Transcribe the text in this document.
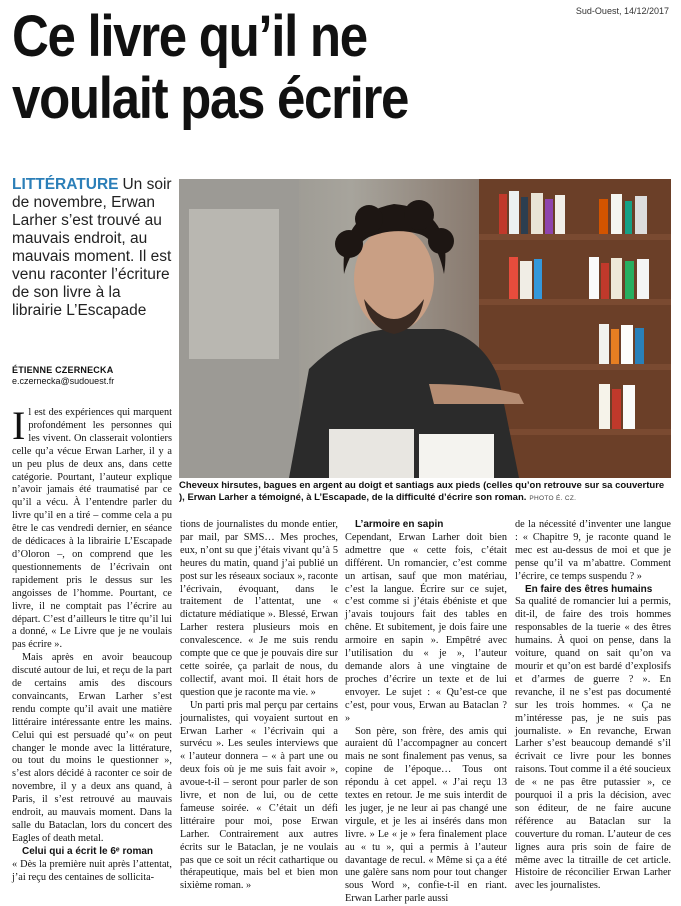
Sud-Ouest, 14/12/2017
Ce livre qu’il ne
voulait pas écrire
LITTÉRATURE Un soir de novembre, Erwan Larher s’est trouvé au mauvais endroit, au mauvais moment. Il est venu raconter l’écriture de son livre à la librairie L’Escapade
ÉTIENNE CZERNECKA
e.czernecka@sudouest.fr
Cheveux hirsutes, bagues en argent au doigt et santiags aux pieds (celles qu’on retrouve sur sa couverture ), Erwan Larher a témoigné, à L’Escapade, de la difficulté d’écrire son roman. PHOTO É. CZ.

Il est des expériences qui marquent profondément les personnes qui les vivent. On classerait volontiers celle qu’a vécue Erwan Larher, il y a un peu plus de deux ans, dans cette catégorie. Pourtant, l’auteur explique n’avoir jamais été traumatisé par ce qu’il a vécu. À l’entendre parler du livre qu’il en a tiré – comme cela a pu être le cas vendredi dernier, en séance de dédicaces à la librairie L’Escapade d’Oloron –, on comprend que les questionnements de l’écrivain ont rapidement pris le dessus sur les angoisses de l’homme. Pourtant, ce livre, il ne comptait pas l’écrire au départ. C’est d’ailleurs le titre qu’il lui a donné, « Le Livre que je ne voulais pas écrire ».

Mais après en avoir beaucoup discuté autour de lui, et reçu de la part de certains amis des discours convaincants, Erwan Larher s’est rendu compte qu’il avait une matière littéraire intéressante entre les mains. Celui qui est persuadé qu’« on peut changer le monde avec la littérature, ou tout du moins le questionner », s’est alors décidé à raconter ce soir de novembre, il y a deux ans quand, à Paris, il s’est retrouvé au mauvais endroit, au mauvais moment. Dans la salle du Bataclan, lors du concert des Eagles of death metal.

Celui qui a écrit le 6ᵉ roman

« Dès la première nuit après l’attentat, j’ai reçu des centaines de sollicita-

tions de journalistes du monde entier, par mail, par SMS… Mes proches, eux, n’ont su que j’étais vivant qu’à 5 heures du matin, quand j’ai publié un post sur les réseaux sociaux », raconte l’écrivain, évoquant, dans le traitement de l’attentat, une « dictature médiatique ». Blessé, Erwan Larher restera plusieurs mois en convalescence. « Je me suis rendu compte que ce que je pouvais dire sur cette soirée, ça parlait de nous, du collectif, avant moi. Il était hors de question que je raconte ma vie. »

Un parti pris mal perçu par certains journalistes, qui voyaient surtout en Erwan Larher « l’écrivain qui a survécu ». Les seules interviews que « l’auteur donnera – « à part une ou deux fois où je me suis fait avoir », avoue-t-il – seront pour parler de son livre, et non de lui, ou de cette fameuse soirée. « C’était un défi littéraire pour moi, pose Erwan Larher. Contrairement aux autres écrits sur le Bataclan, je ne voulais pas que ce soit un récit cathartique ou thérapeutique, mais bel et bien mon sixième roman. »

L’armoire en sapin

Cependant, Erwan Larher doit bien admettre que « cette fois, c’était différent. Un romancier, c’est comme un artisan, sauf que mon matériau, c’est la langue. Écrire sur ce sujet, c’est comme si j’étais ébéniste et que j’avais toujours fait des tables en chêne. Et subitement, je dois faire une armoire en sapin ». Empêtré avec l’utilisation du « je », l’auteur demande alors à une vingtaine de proches d’écrire un texte et de lui envoyer. Le sujet : « Qu’est-ce que c’est, pour vous, Erwan au Bataclan ? »

Son père, son frère, des amis qui auraient dû l’accompagner au concert mais ne sont finalement pas venus, sa copine de l’époque… Tous ont répondu à cet appel. « J’ai reçu 13 textes en retour. Je me suis interdit de les juger, je ne leur ai pas changé une virgule, et je les ai insérés dans mon livre. » Le « je » fera finalement place au « tu », qui a permis à l’auteur davantage de recul. « Même si ça a été une galère sans nom pour tout changer sous Word », confie-t-il en riant. Erwan Larher parle aussi

de la nécessité d’inventer une langue : « Chapitre 9, je raconte quand le mec est au-dessus de moi et que je pense qu’il va m’abattre. Comment l’écrire, ce temps suspendu ? »

En faire des êtres humains

Sa qualité de romancier lui a permis, dit-il, de faire des trois hommes responsables de la tuerie « des êtres humains. À quoi on pense, dans la voiture, quand on sait qu’on va mourir et qu’on est bardé d’explosifs et d’armes de guerre ? ». En revanche, il ne s’est pas documenté sur les trois hommes. « Ça ne m’intéresse pas, je ne suis pas journaliste. » En revanche, Erwan Larher s’est beaucoup demandé s’il écrivait ce livre pour les bonnes raisons. Tout comme il a été soucieux de « ne pas être putassier », ce pourquoi il a pris la décision, avec son éditeur, de ne faire aucune référence au Bataclan sur la couverture du roman. L’auteur de ces lignes aura pris soin de faire de même avec la titraille de cet article. Histoire de réconcilier Erwan Larher avec les journalistes.
